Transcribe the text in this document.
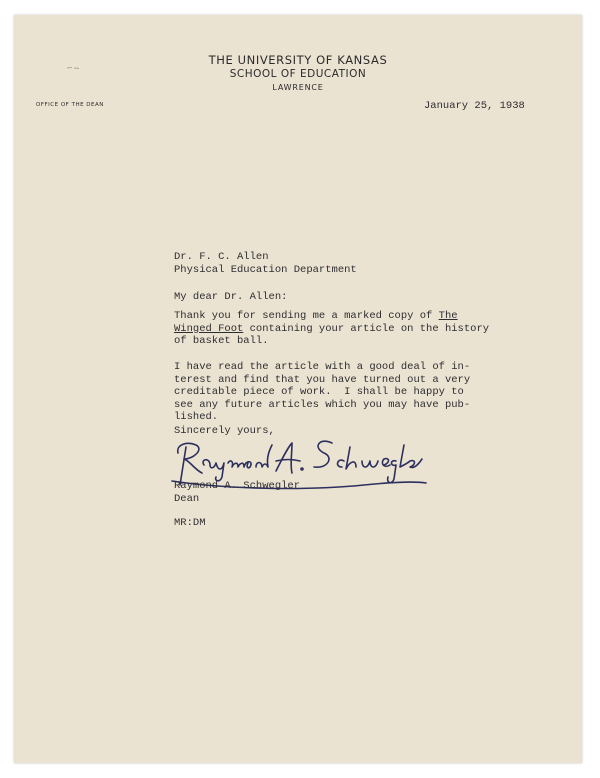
THE UNIVERSITY OF KANSAS
SCHOOL OF EDUCATION
LAWRENCE
OFFICE OF THE DEAN	January 25, 1938
Dr. F. C. Allen
Physical Education Department
My dear Dr. Allen:
Thank you for sending me a marked copy of The
Winged Foot containing your article on the history
of basket ball.
I have read the article with a good deal of in-
terest and find that you have turned out a very
creditable piece of work.  I shall be happy to
see any future articles which you may have pub-
lished.
Sincerely yours,
Raymond A. Schwegler
Dean
MR:DM
